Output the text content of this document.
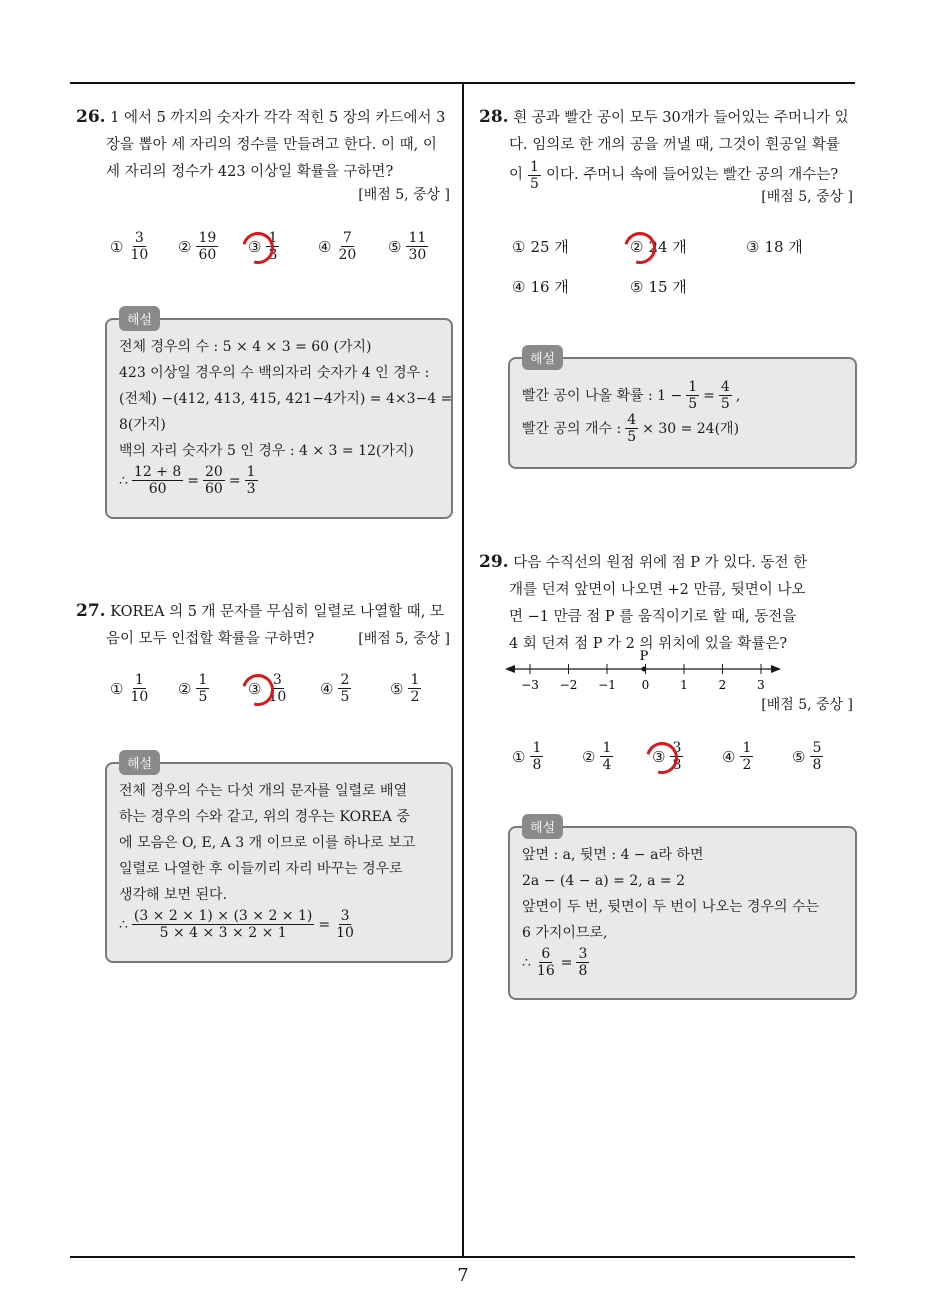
26. 1 에서 5 까지의 숫자가 각각 적힌 5 장의 카드에서 3
장을 뽑아 세 자리의 정수를 만들려고 한다. 이 때, 이
세 자리의 정수가 423 이상일 확률을 구하면?
[배점 5, 중상 ]
① $\frac{3}{10}$ ② $\frac{19}{60}$ ③ $\frac{1}{3}$	④ $\frac{7}{20}$ ⑤ $\frac{11}{30}$
전체 경우의 수 : 5 × 4 × 3 = 60 (가지)
423 이상일 경우의 수 백의자리 숫자가 4 인 경우 :
(전체) −(412, 413, 415, 421−4가지) = 4×3−4 =
8(가지)
백의 자리 숫자가 5 인 경우 : 4 × 3 = 12(가지)
∴ $\frac{12 + 8}{60} = \frac{20}{60} = \frac{1}{3}$
해설
27. KOREA 의 5 개 문자를 무심히 일렬로 나열할 때, 모
음이 모두 인접할 확률을 구하면?	[배점 5, 중상 ]
① $\frac{1}{10}$ ② $\frac{1}{5}$	③ $\frac{3}{10}$ ④ $\frac{2}{5}$	⑤ $\frac{1}{2}$
전체 경우의 수는 다섯 개의 문자를 일렬로 배열
하는 경우의 수와 같고, 위의 경우는 KOREA 중
에 모음은 O, E, A 3 개 이므로 이를 하나로 보고
일렬로 나열한 후 이들끼리 자리 바꾸는 경우로
생각해 보면 된다.
∴ $\frac{(3 \times 2 \times 1) \times (3 \times 2 \times 1)}{5 \times 4 \times 3 \times 2 \times 1} = \frac{3}{10}$
해설
28. 흰 공과 빨간 공이 모두 30개가 들어있는 주머니가 있
다. 임의로 한 개의 공을 꺼낼 때, 그것이 흰공일 확률
이 $\frac{1}{5}$ 이다. 주머니 속에 들어있는 빨간 공의 개수는?
[배점 5, 중상 ]
① 25 개	② 24 개	③ 18 개
④ 16 개	⑤ 15 개
빨간 공이 나올 확률 : $1 - \frac{1}{5} = \frac{4}{5}$ ,
빨간 공의 개수 : $\frac{4}{5} \times 30 = 24$(개)
해설
29. 다음 수직선의 원점 위에 점 P 가 있다. 동전 한
개를 던져 앞면이 나오면 +2 만큼, 뒷면이 나오
면 −1 만큼 점 P 를 움직이기로 할 때, 동전을
4 회 던져 점 P 가 2 의 위치에 있을 확률은?
−3 −2 −1 0	1	2	3
P
[배점 5, 중상 ]
① $\frac{1}{8}$	② $\frac{1}{4}$	③ $\frac{3}{8}$	④ $\frac{1}{2}$	⑤ $\frac{5}{8}$
앞면 : a, 뒷면 : 4 − a라 하면
2a − (4 − a) = 2, a = 2
앞면이 두 번, 뒷면이 두 번이 나오는 경우의 수는
6 가지이므로,
∴ $\frac{6}{16} = \frac{3}{8}$
해설
7
